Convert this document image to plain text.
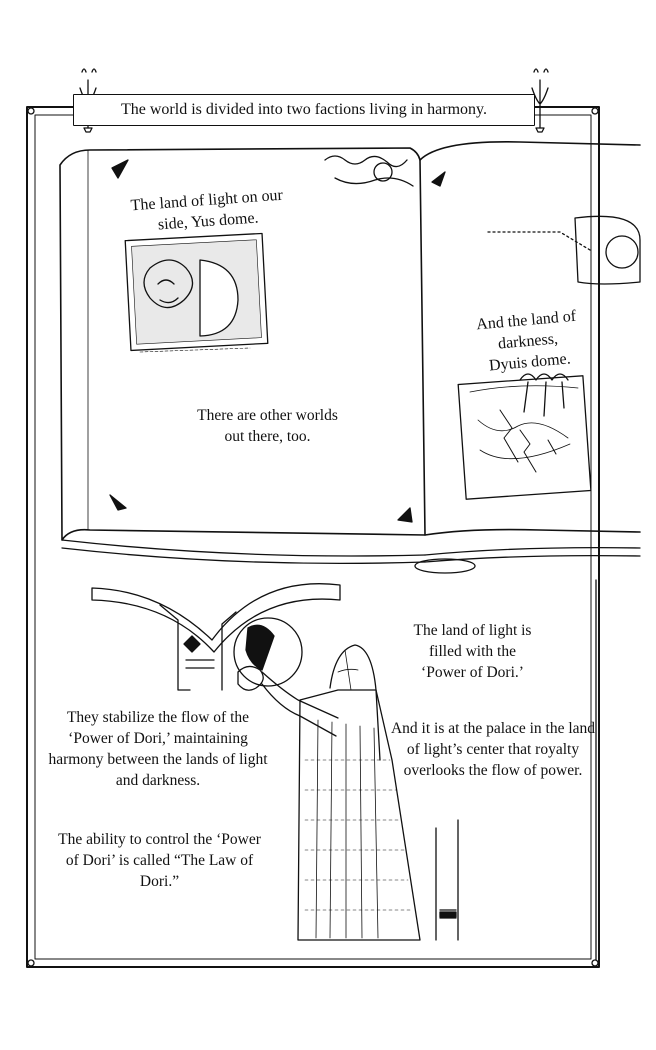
The world is divided into two factions living in harmony.
The land of light on our side, Yus dome.
And the land of darkness, Dyuis dome.
There are other worlds out there, too.
The land of light is filled with the ‘Power of Dori.’
They stabilize the flow of the ‘Power of Dori,’ maintaining harmony between the lands of light and darkness.
And it is at the palace in the land of light’s center that royalty overlooks the flow of power.
The ability to control the ‘Power of Dori’ is called “The Law of Dori.”
